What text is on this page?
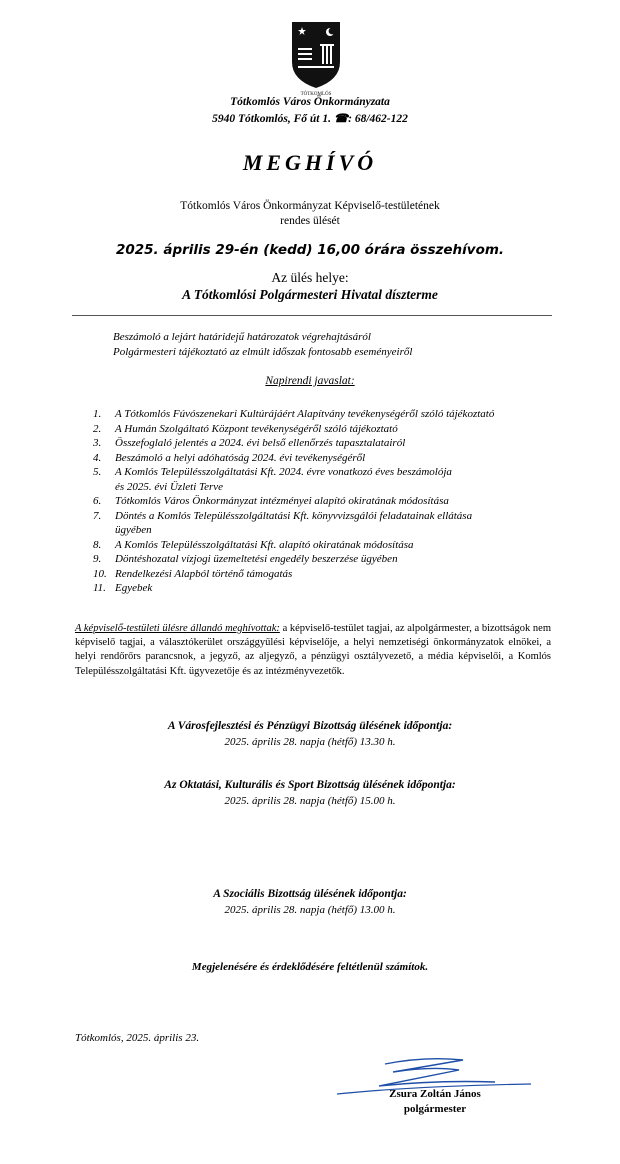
TÓTKOMLÓS
Tótkomlós Város Önkormányzata
5940 Tótkomlós, Fő út 1. ☎: 68/462-122
MEGHÍVÓ
Tótkomlós Város Önkormányzat Képviselő-testületének
rendes ülését
2025. április 29-én (kedd) 16,00 órára összehívom.
Az ülés helye:
A Tótkomlósi Polgármesteri Hivatal díszterme
Beszámoló a lejárt határidejű határozatok végrehajtásáról
Polgármesteri tájékoztató az elmúlt időszak fontosabb eseményeiről
Napirendi javaslat:
1.	A Tótkomlós Fúvószenekari Kultúrájáért Alapítvány tevékenységéről szóló tájékoztató
2.	A Humán Szolgáltató Központ tevékenységéről szóló tájékoztató
3.	Összefoglaló jelentés a 2024. évi belső ellenőrzés tapasztalatairól
4.	Beszámoló a helyi adóhatóság 2024. évi tevékenységéről
5.	A Komlós Településszolgáltatási Kft. 2024. évre vonatkozó éves beszámolója
és 2025. évi Üzleti Terve
6.	Tótkomlós Város Önkormányzat intézményei alapító okiratának módosítása
7.	Döntés a Komlós Településszolgáltatási Kft. könyvvizsgálói feladatainak ellátása
ügyében
8.	A Komlós Településszolgáltatási Kft. alapító okiratának módosítása
9.	Döntéshozatal vízjogi üzemeltetési engedély beszerzése ügyében
10. Rendelkezési Alapból történő támogatás
11. Egyebek
A képviselő-testületi ülésre állandó meghívottak: a képviselő-testület tagjai, az alpolgármester, a bizottságok nem képviselő tagjai, a választókerület országgyűlési képviselője, a helyi nemzetiségi önkormányzatok elnökei, a helyi rendőrőrs parancsnok, a jegyző, az aljegyző, a pénzügyi osztályvezető, a média képviselői, a Komlós Településszolgáltatási Kft. ügyvezetője és az intézményvezetők.
A Városfejlesztési és Pénzügyi Bizottság ülésének időpontja:
2025. április 28. napja (hétfő) 13.30 h.
Az Oktatási, Kulturális és Sport Bizottság ülésének időpontja:
2025. április 28. napja (hétfő) 15.00 h.
A Szociális Bizottság ülésének időpontja:
2025. április 28. napja (hétfő) 13.00 h.
Megjelenésére és érdeklődésére feltétlenül számítok.
Tótkomlós, 2025. április 23.
Zsura Zoltán János
polgármester
